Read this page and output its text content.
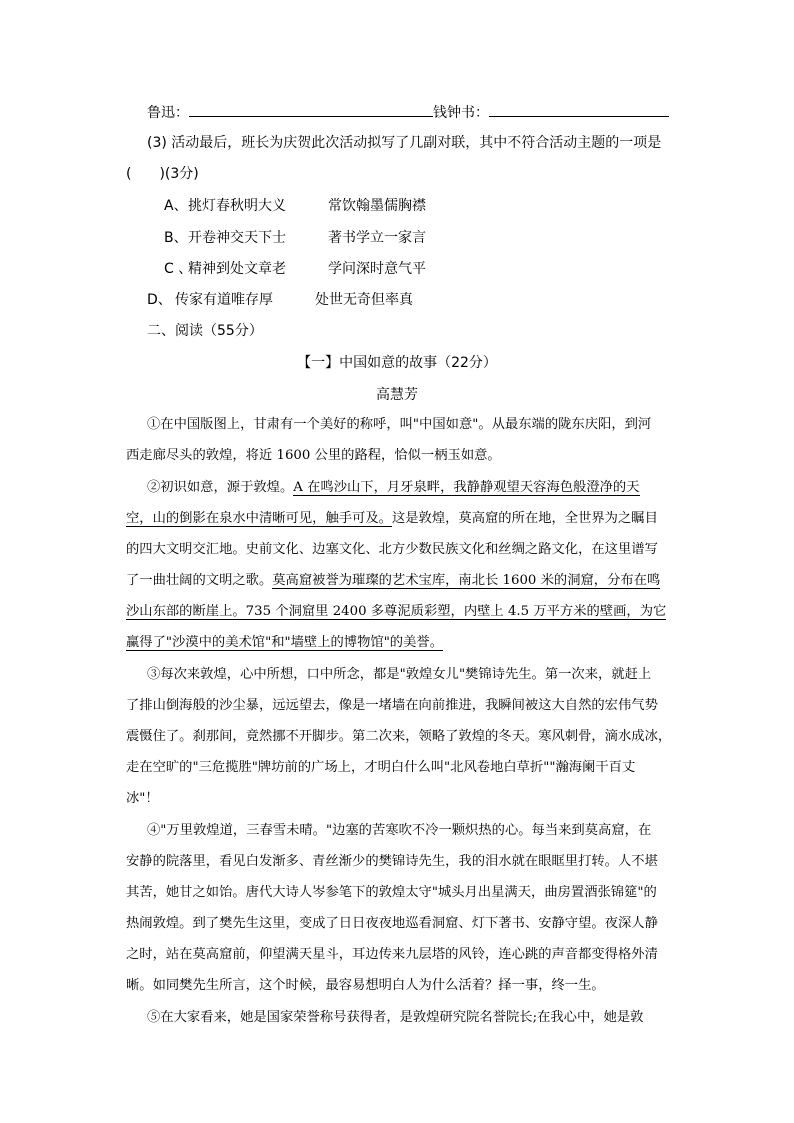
鲁迅：	钱钟书：
(3) 活动最后，班长为庆贺此次活动拟写了几副对联，其中不符合活动主题的一项是
(　　)(3分)
A、挑灯春秋明大义	常饮翰墨儒胸襟
B、开卷神交天下士	著书学立一家言
C 、精神到处文章老	学问深时意气平
D、 传家有道唯存厚	处世无奇但率真
二、阅读（55分）
【一】中国如意的故事（22分）
高慧芳
①在中国版图上，甘肃有一个美好的称呼，叫"中国如意"。从最东端的陇东庆阳，到河
西走廊尽头的敦煌，将近 1600 公里的路程，恰似一柄玉如意。
②初识如意，源于敦煌。A 在鸣沙山下，月牙泉畔，我静静观望天容海色般澄净的天
空，山的倒影在泉水中清晰可见，触手可及。这是敦煌，莫高窟的所在地，全世界为之瞩目
的四大文明交汇地。史前文化、边塞文化、北方少数民族文化和丝绸之路文化，在这里谱写
了一曲壮阔的文明之歌。莫高窟被誉为璀璨的艺术宝库，南北长 1600 米的洞窟，分布在鸣
沙山东部的断崖上。735 个洞窟里 2400 多尊泥质彩塑，内壁上 4.5 万平方米的壁画，为它
赢得了"沙漠中的美术馆"和"墙壁上的博物馆"的美誉。
③每次来敦煌，心中所想，口中所念，都是"敦煌女儿"樊锦诗先生。第一次来，就赶上
了排山倒海般的沙尘暴，远远望去，像是一堵墙在向前推进，我瞬间被这大自然的宏伟气势
震慑住了。刹那间，竟然挪不开脚步。第二次来，领略了敦煌的冬天。寒风刺骨，滴水成冰，
走在空旷的"三危揽胜"牌坊前的广场上，才明白什么叫"北风卷地白草折""瀚海阑干百丈
冰"！
④"万里敦煌道，三春雪未晴。"边塞的苦寒吹不冷一颗炽热的心。每当来到莫高窟，在
安静的院落里，看见白发渐多、青丝渐少的樊锦诗先生，我的泪水就在眼眶里打转。人不堪
其苦，她甘之如饴。唐代大诗人岑参笔下的敦煌太守"城头月出星满天，曲房置酒张锦筵"的
热闹敦煌。到了樊先生这里，变成了日日夜夜地巡看洞窟、灯下著书、安静守望。夜深人静
之时，站在莫高窟前，仰望满天星斗，耳边传来九层塔的风铃，连心跳的声音都变得格外清
晰。如同樊先生所言，这个时候，最容易想明白人为什么活着？择一事，终一生。
⑤在大家看来，她是国家荣誉称号获得者，是敦煌研究院名誉院长;在我心中，她是敦
